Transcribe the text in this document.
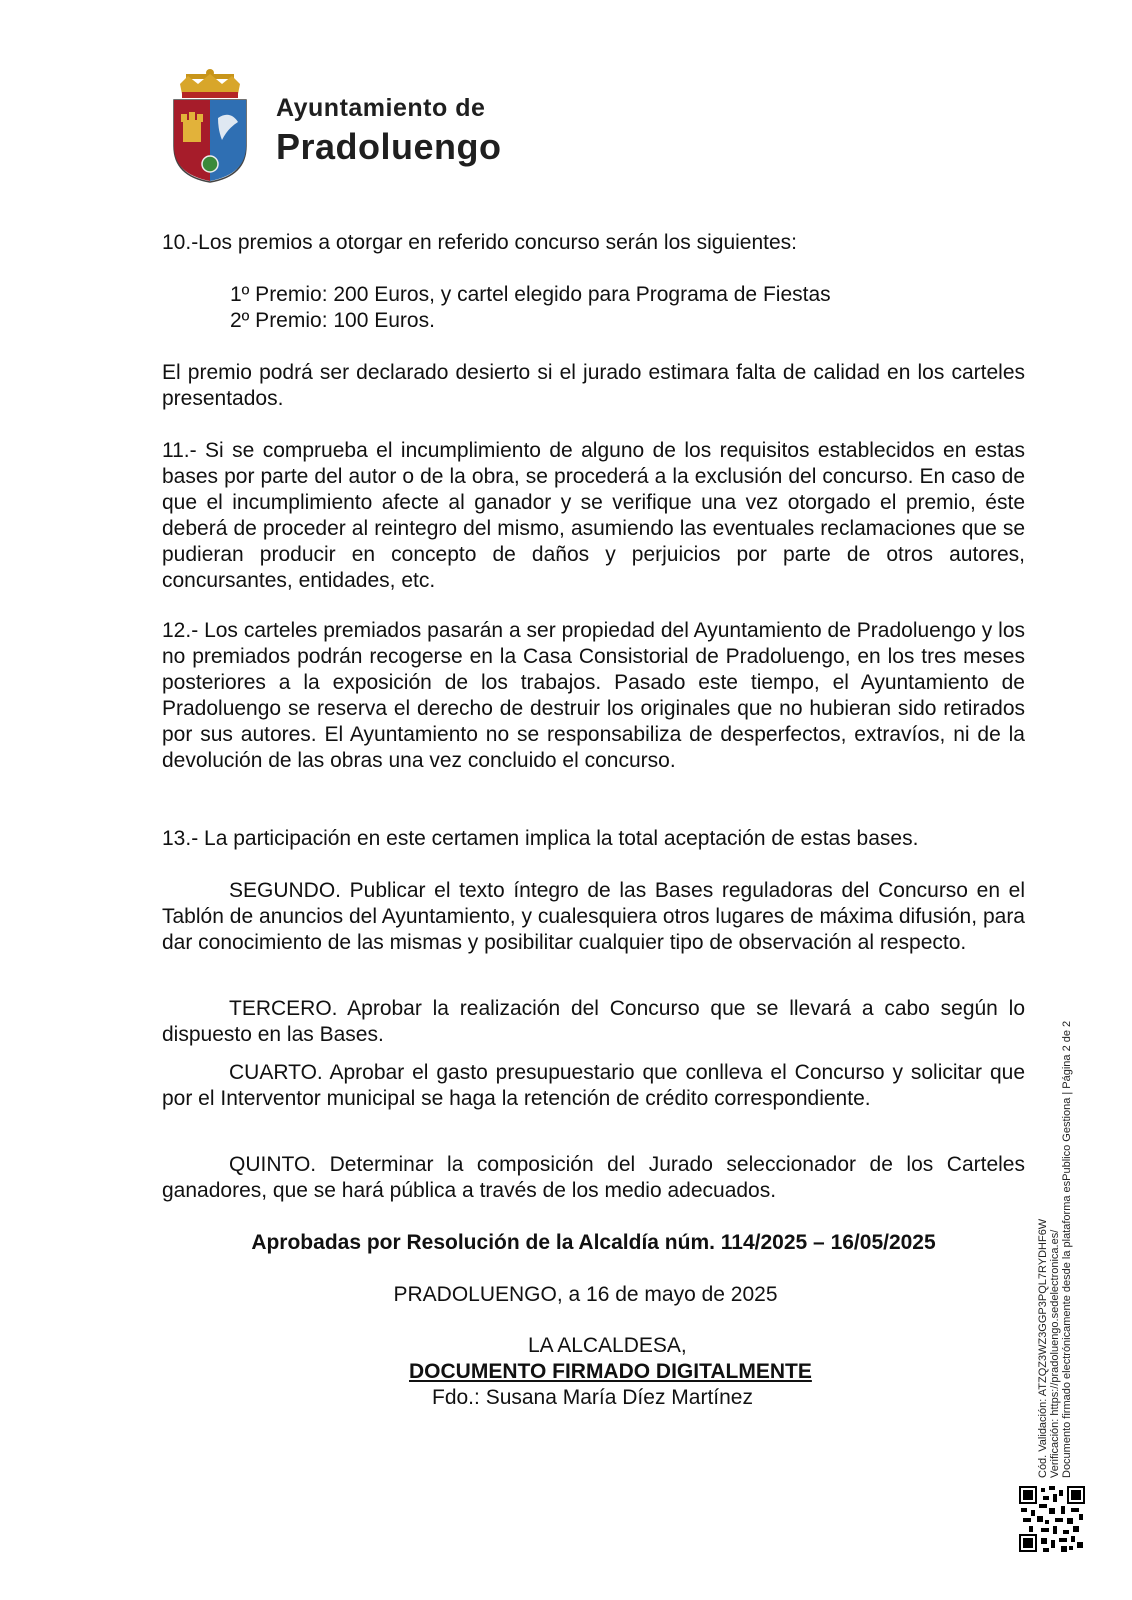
Ayuntamiento de
Pradoluengo

10.-Los premios a otorgar en referido concurso serán los siguientes:

1º Premio: 200 Euros, y cartel elegido para Programa de Fiestas
2º Premio: 100 Euros.

El premio podrá ser declarado desierto si el jurado estimara falta de calidad en los carteles presentados.

11.- Si se comprueba el incumplimiento de alguno de los requisitos establecidos en estas bases por parte del autor o de la obra, se procederá a la exclusión del concurso. En caso de que el incumplimiento afecte al ganador y se verifique una vez otorgado el premio, éste deberá de proceder al reintegro del mismo, asumiendo las eventuales reclamaciones que se pudieran producir en concepto de daños y perjuicios por parte de otros autores, concursantes, entidades, etc.

12.- Los carteles premiados pasarán a ser propiedad del Ayuntamiento de Pradoluengo y los no premiados podrán recogerse en la Casa Consistorial de Pradoluengo, en los tres meses posteriores a la exposición de los trabajos. Pasado este tiempo, el Ayuntamiento de Pradoluengo se reserva el derecho de destruir los originales que no hubieran sido retirados por sus autores. El Ayuntamiento no se responsabiliza de desperfectos, extravíos, ni de la devolución de las obras una vez concluido el concurso.

13.- La participación en este certamen implica la total aceptación de estas bases.

SEGUNDO. Publicar el texto íntegro de las Bases reguladoras del Concurso en el Tablón de anuncios del Ayuntamiento, y cualesquiera otros lugares de máxima difusión, para dar conocimiento de las mismas y posibilitar cualquier tipo de observación al respecto.

TERCERO. Aprobar la realización del Concurso que se llevará a cabo según lo dispuesto en las Bases.

CUARTO. Aprobar el gasto presupuestario que conlleva el Concurso y solicitar que por el Interventor municipal se haga la retención de crédito correspondiente.

QUINTO. Determinar la composición del Jurado seleccionador de los Carteles ganadores, que se hará pública a través de los medio adecuados.

Aprobadas por Resolución de la Alcaldía núm. 114/2025 – 16/05/2025
PRADOLUENGO, a 16 de mayo de 2025
LA ALCALDESA,
DOCUMENTO FIRMADO DIGITALMENTE
Fdo.: Susana María Díez Martínez	Cód. Validación: ATZQZ3WZ3GGP3PQL7RYDHF6W Verificación: https://pradoluengo.sedelectronica.es/ Documento firmado electrónicamente desde la plataforma esPublico Gestiona | Página 2 de 2
